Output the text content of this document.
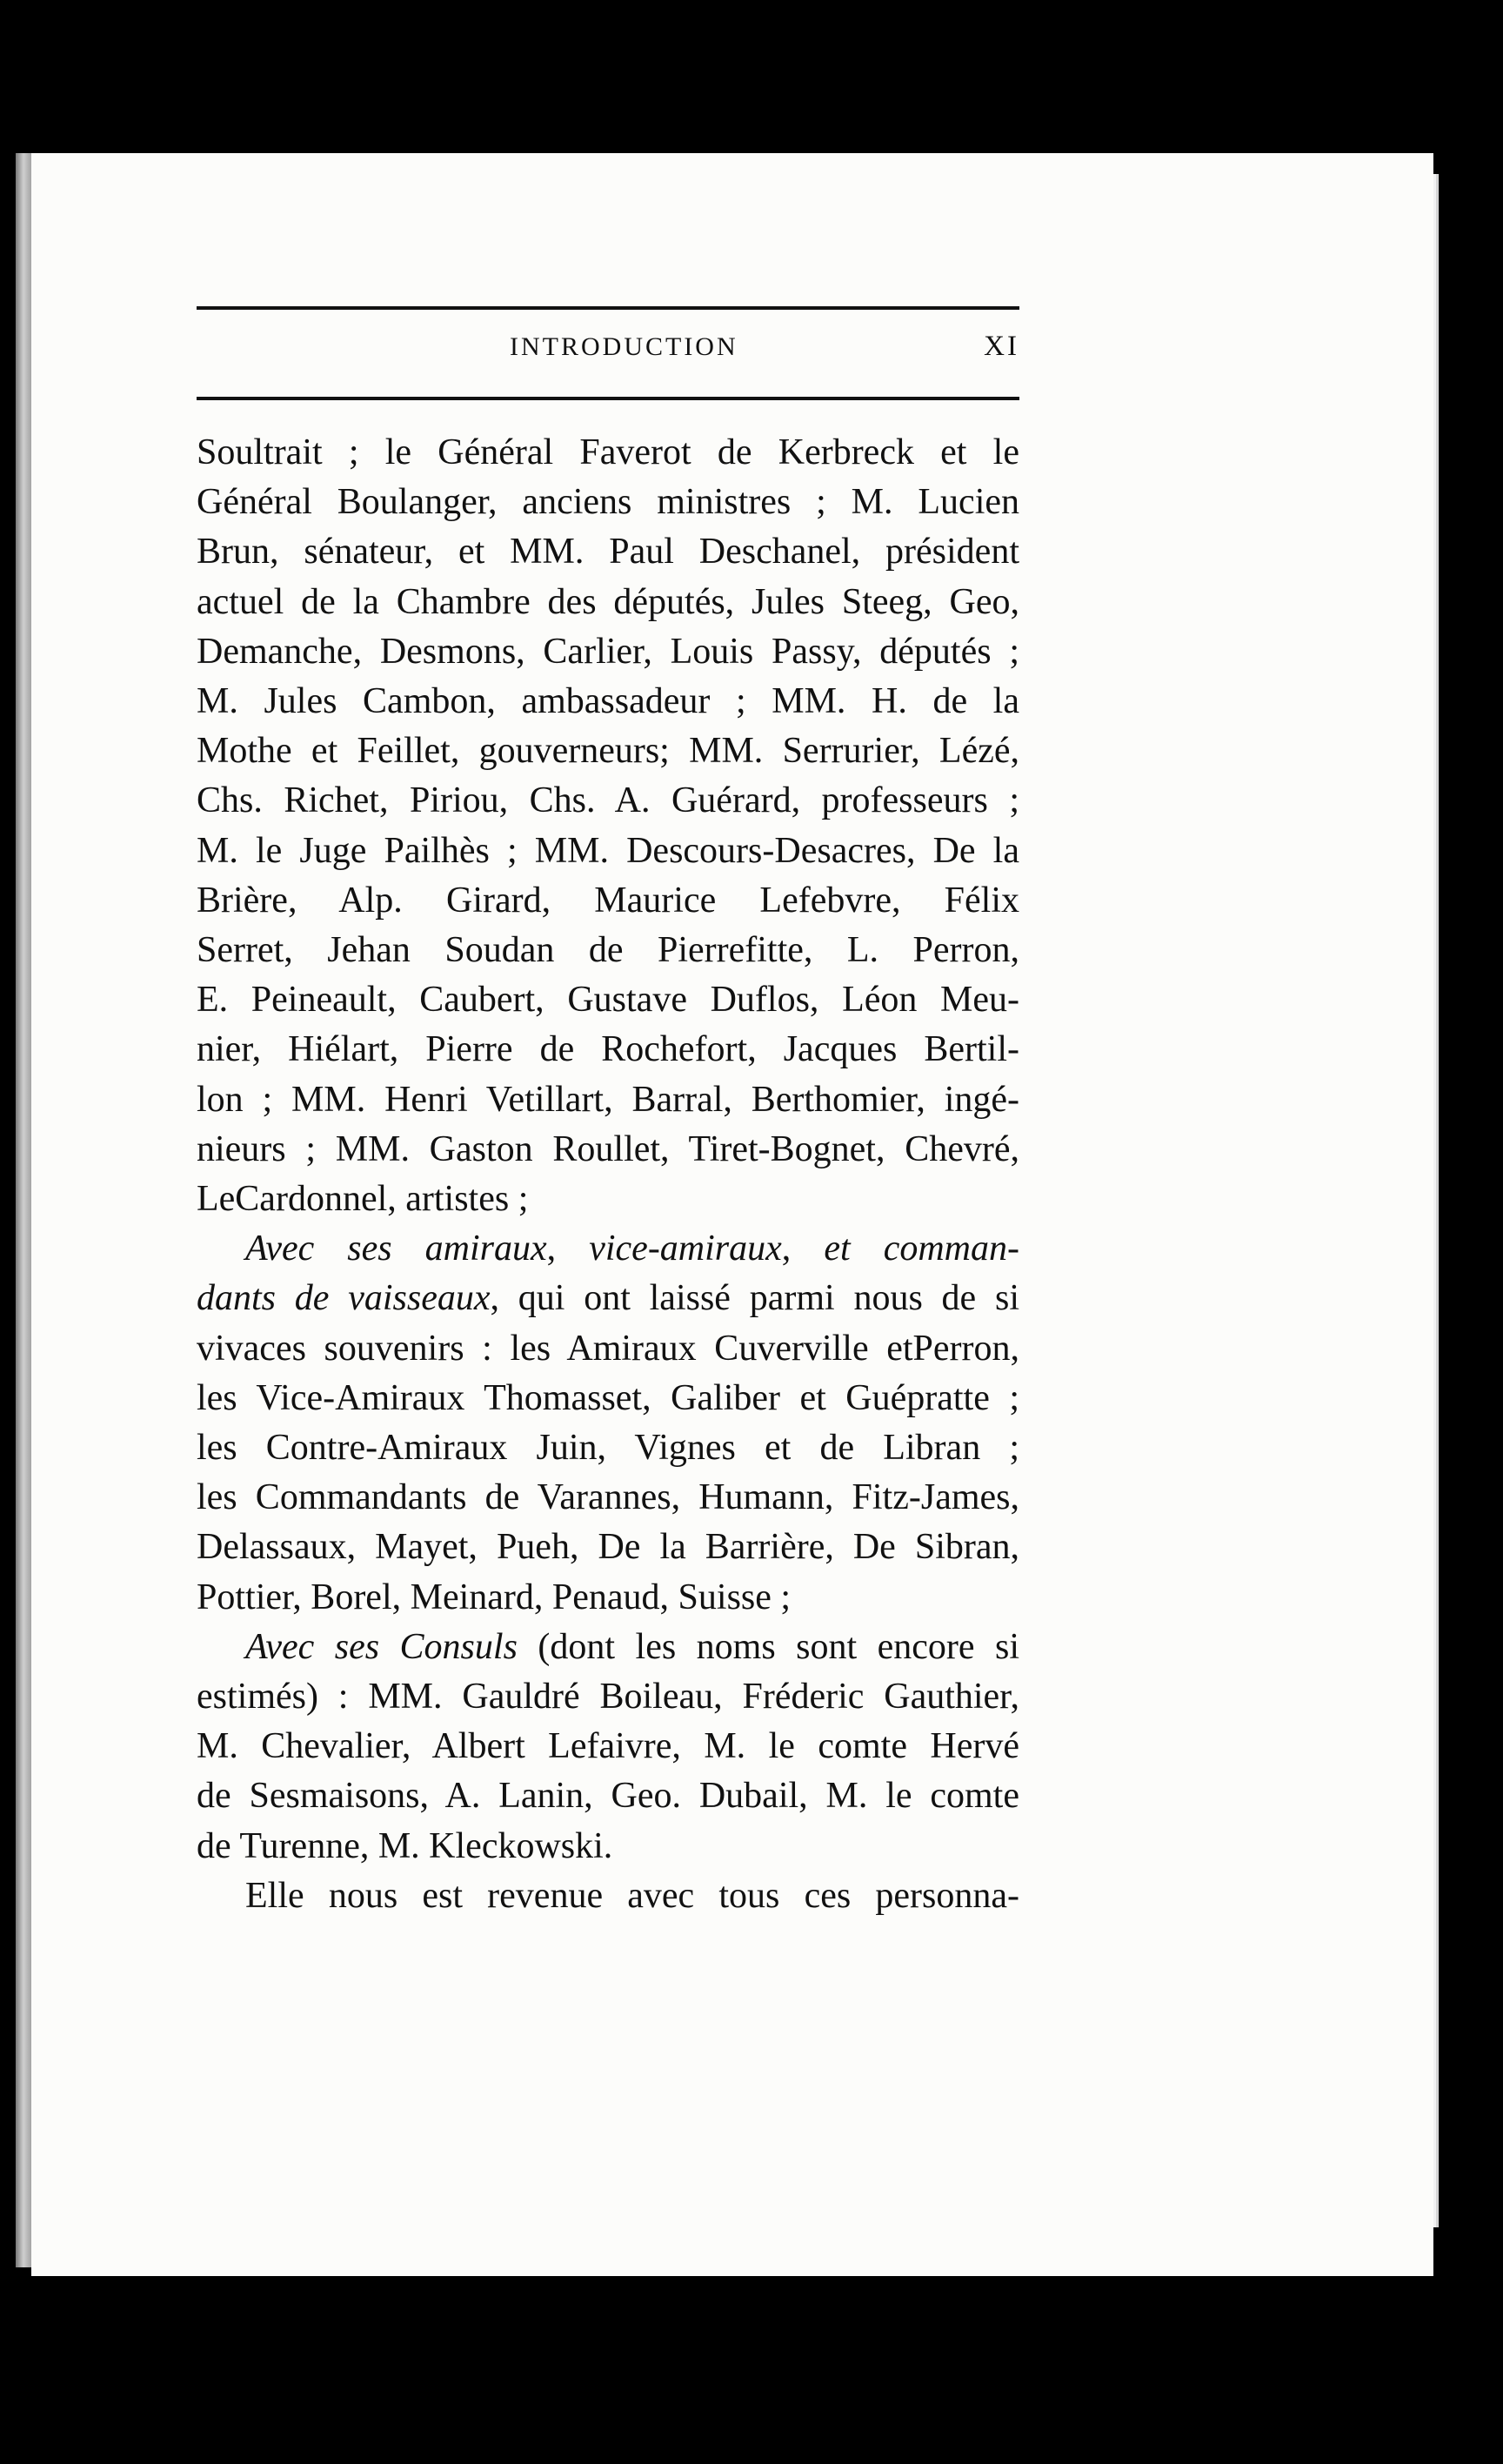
INTRODUCTION	XI
Soultrait ; le Général Faverot de Kerbreck et le
Général Boulanger, anciens ministres ; M. Lucien
Brun, sénateur, et MM. Paul Deschanel, président
actuel de la Chambre des députés, Jules Steeg, Geo,
Demanche, Desmons, Carlier, Louis Passy, députés ;
M. Jules Cambon, ambassadeur ; MM. H. de la
Mothe et Feillet, gouverneurs; MM. Serrurier, Lézé,
Chs. Richet, Piriou, Chs. A. Guérard, professeurs ;
M. le Juge Pailhès ; MM. Descours-Desacres, De la
Brière, Alp. Girard, Maurice Lefebvre, Félix
Serret, Jehan Soudan de Pierrefitte, L. Perron,
E. Peineault, Caubert, Gustave Duflos, Léon Meu-
nier, Hiélart, Pierre de Rochefort, Jacques Bertil-
lon ; MM. Henri Vetillart, Barral, Berthomier, ingé-
nieurs ; MM. Gaston Roullet, Tiret-Bognet, Chevré,
LeCardonnel, artistes ;
Avec ses amiraux, vice-amiraux, et comman-
dants de vaisseaux, qui ont laissé parmi nous de si
vivaces souvenirs : les Amiraux Cuverville etPerron,
les Vice-Amiraux Thomasset, Galiber et Guépratte ;
les Contre-Amiraux Juin, Vignes et de Libran ;
les Commandants de Varannes, Humann, Fitz-James,
Delassaux, Mayet, Pueh, De la Barrière, De Sibran,
Pottier, Borel, Meinard, Penaud, Suisse ;
Avec ses Consuls (dont les noms sont encore si
estimés) : MM. Gauldré Boileau, Fréderic Gauthier,
M. Chevalier, Albert Lefaivre, M. le comte Hervé
de Sesmaisons, A. Lanin, Geo. Dubail, M. le comte
de Turenne, M. Kleckowski.
Elle nous est revenue avec tous ces personna-
